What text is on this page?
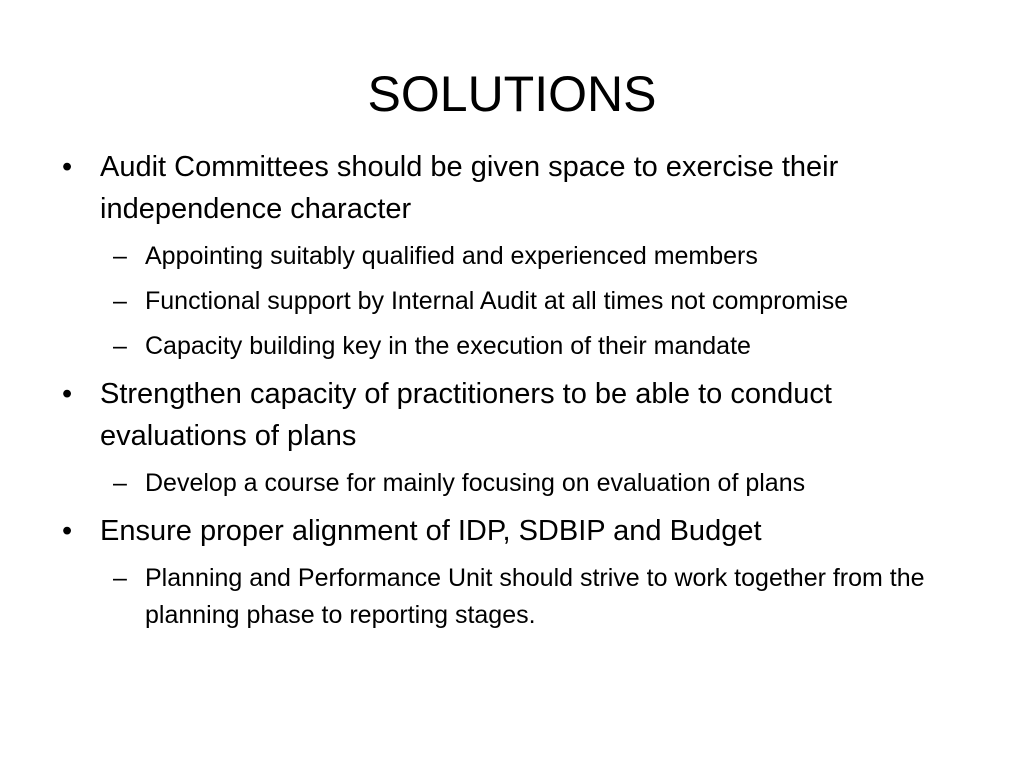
SOLUTIONS
• Audit Committees should be given space to exercise their independence character
– Appointing suitably qualified and experienced members
– Functional support by Internal Audit at all times not compromise
– Capacity building key in the execution of their mandate
• Strengthen capacity of practitioners to be able to conduct evaluations of plans
– Develop a course for mainly focusing on evaluation of plans
• Ensure proper alignment of IDP, SDBIP and Budget
– Planning and Performance Unit should strive to work together from the planning phase to reporting stages.
